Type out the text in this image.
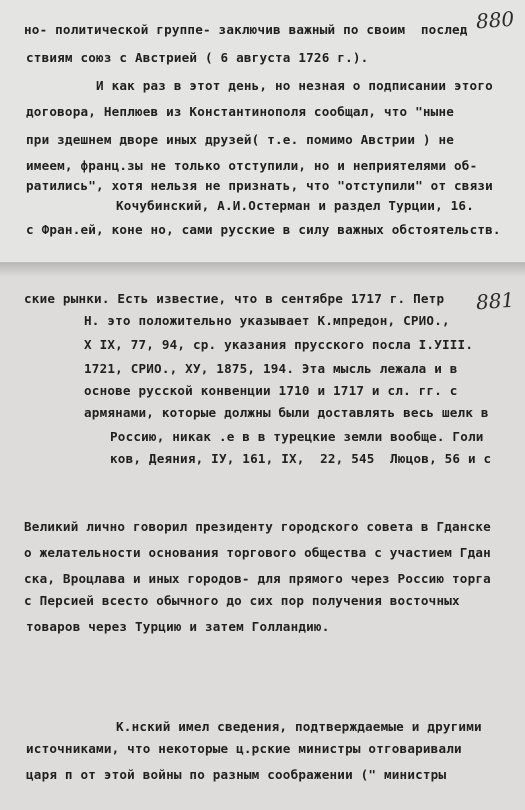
880
но- политической группе- заключив важный по своим  послед
ствиям союз с Австрией ( 6 августа 1726 г.).
И как раз в этот день, но незная о подписании этого
договора, Неплюев из Константинополя сообщал, что "ныне
при здешнем дворе иных друзей( т.е. помимо Австрии ) не
имеем, франц.зы не только отступили, но и неприятелями об-
ратились", хотя нельзя не признать, что "отступили" от связи
Кочубинский, А.И.Остерман и раздел Турции, 16.
с Фран.ей, коне но, сами русские в силу важных обстоятельств.
881
ские рынки. Есть известие, что в сентябре 1717 г. Петр
Н. это положительно указывает К.мпредон, СРИО.,
X IX, 77, 94, ср. указания прусского посла I.УIII.
1721, СРИО., ХУ, 1875, 194. Эта мысль лежала и в
основе русской конвенции 1710 и 1717 и сл. гг. с
армянами, которые должны были доставлять весь шелк в
Россию, никак .е в в турецкие земли вообще. Голи
ков, Деяния, IУ, 161, IX,  22, 545  Люцов, 56 и с
Великий лично говорил президенту городского совета в Гданске
о желательности основания торгового общества с участием Гдан
ска, Вроцлава и иных городов- для прямого через Россию торга
с Персией всесто обычного до сих пор получения восточных
товаров через Турцию и затем Голландию.
К.нский имел сведения, подтверждаемые и другими
источниками, что некоторые ц.рские министры отговаривали
царя п от этой войны по разным соображении (" министры
